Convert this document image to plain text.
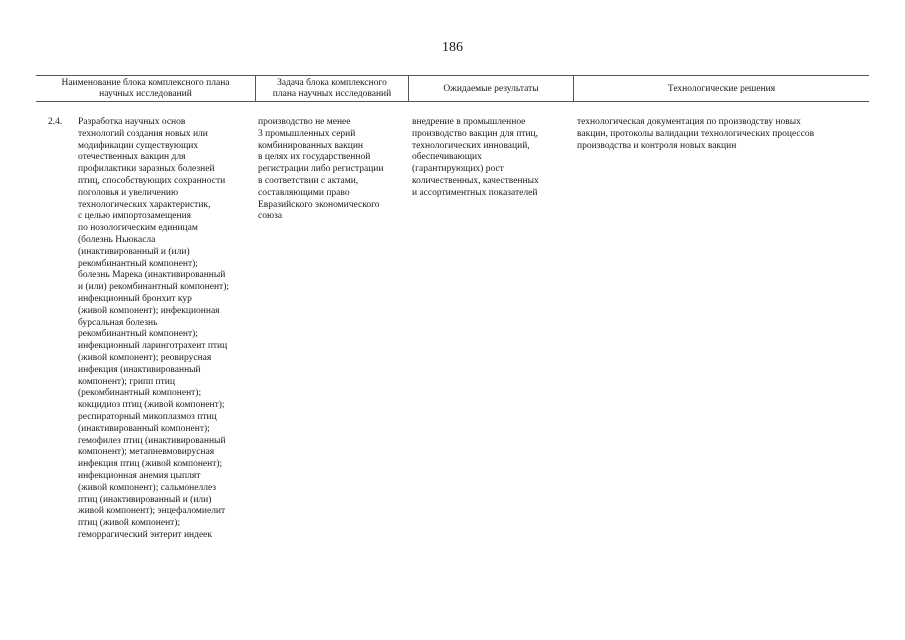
186
Наименование блока комплексного плана
научных исследований
Задача блока комплексного
плана научных исследований
Ожидаемые результаты	Технологические решения
2.4. Разработка научных основ
технологий создания новых или
модификации существующих
отечественных вакцин для
профилактики заразных болезней
птиц, способствующих сохранности
поголовья и увеличению
технологических характеристик,
с целью импортозамещения
по нозологическим единицам
(болезнь Ньюкасла
(инактивированный и (или)
рекомбинантный компонент);
болезнь Марека (инактивированный
и (или) рекомбинантный компонент);
инфекционный бронхит кур
(живой компонент); инфекционная
бурсальная болезнь
рекомбинантный компонент);
инфекционный ларинготрахеит птиц
(живой компонент); реовирусная
инфекция (инактивированный
компонент); грипп птиц
(рекомбинантный компонент);
кокцидиоз птиц (живой компонент);
респираторный микоплазмоз птиц
(инактивированный компонент);
гемофилез птиц (инактивированный
компонент); метапневмовирусная
инфекция птиц (живой компонент);
инфекционная анемия цыплят
(живой компонент); сальмонеллез
птиц (инактивированный и (или)
живой компонент); энцефаломиелит
птиц (живой компонент);
геморрагический энтерит индеек
производство не менее
3 промышленных серий
комбинированных вакцин
в целях их государственной
регистрации либо регистрации
в соответствии с актами,
составляющими право
Евразийского экономического
союза
внедрение в промышленное
производство вакцин для птиц,
технологических инноваций,
обеспечивающих
(гарантирующих) рост
количественных, качественных
и ассортиментных показателей
технологическая документация по производству новых
вакцин, протоколы валидации технологических процессов
производства и контроля новых вакцин
